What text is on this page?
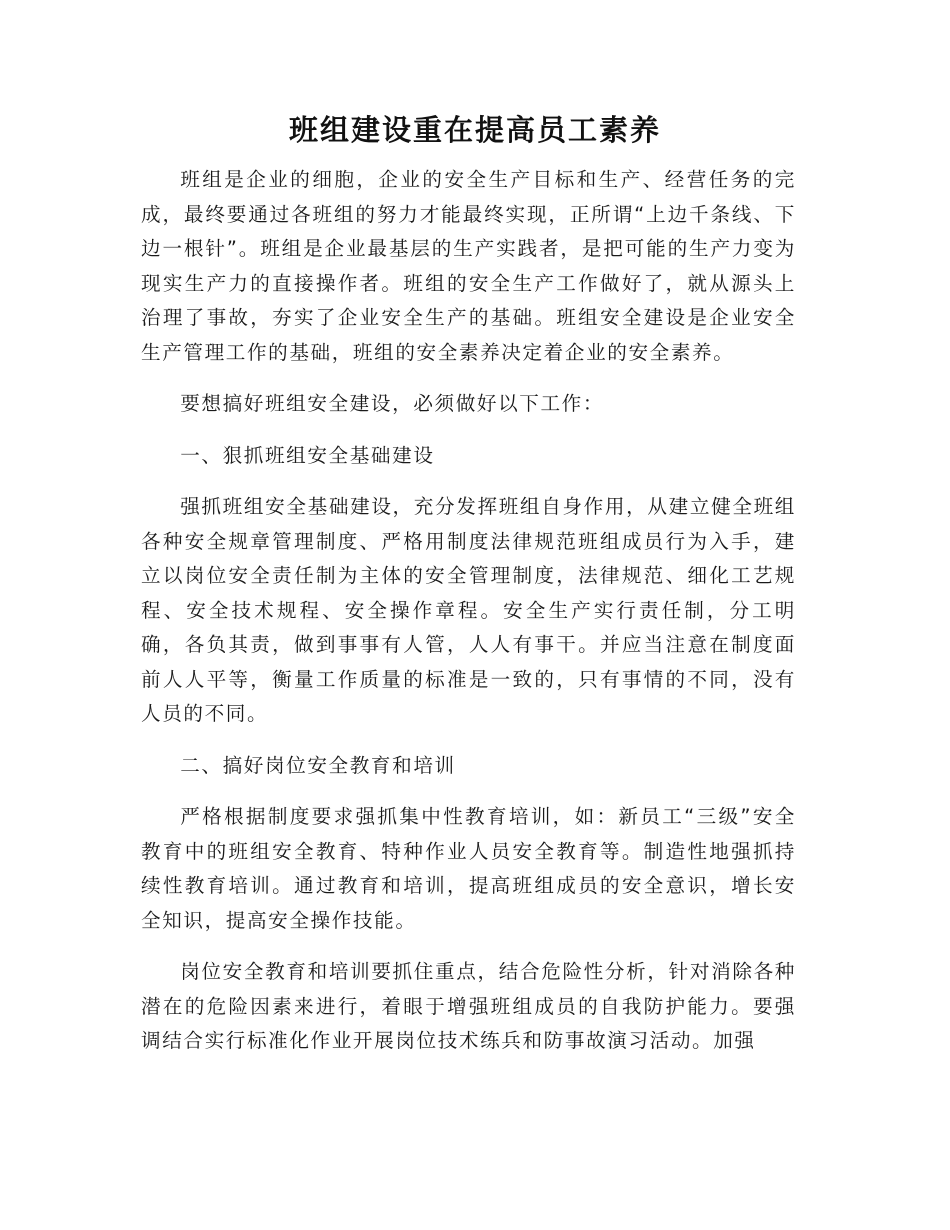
班组建设重在提高员工素养

班组是企业的细胞，企业的安全生产目标和生产、经营任务的完成，最终要通过各班组的努力才能最终实现，正所谓“上边千条线、下边一根针”。班组是企业最基层的生产实践者，是把可能的生产力变为现实生产力的直接操作者。班组的安全生产工作做好了，就从源头上治理了事故，夯实了企业安全生产的基础。班组安全建设是企业安全生产管理工作的基础，班组的安全素养决定着企业的安全素养。

要想搞好班组安全建设，必须做好以下工作：

一、狠抓班组安全基础建设

强抓班组安全基础建设，充分发挥班组自身作用，从建立健全班组各种安全规章管理制度、严格用制度法律规范班组成员行为入手，建立以岗位安全责任制为主体的安全管理制度，法律规范、细化工艺规程、安全技术规程、安全操作章程。安全生产实行责任制，分工明确，各负其责，做到事事有人管，人人有事干。并应当注意在制度面前人人平等，衡量工作质量的标准是一致的，只有事情的不同，没有人员的不同。

二、搞好岗位安全教育和培训

严格根据制度要求强抓集中性教育培训，如：新员工“三级”安全教育中的班组安全教育、特种作业人员安全教育等。制造性地强抓持续性教育培训。通过教育和培训，提高班组成员的安全意识，增长安全知识，提高安全操作技能。

岗位安全教育和培训要抓住重点，结合危险性分析，针对消除各种潜在的危险因素来进行，着眼于增强班组成员的自我防护能力。要强调结合实行标准化作业开展岗位技术练兵和防事故演习活动。加强
